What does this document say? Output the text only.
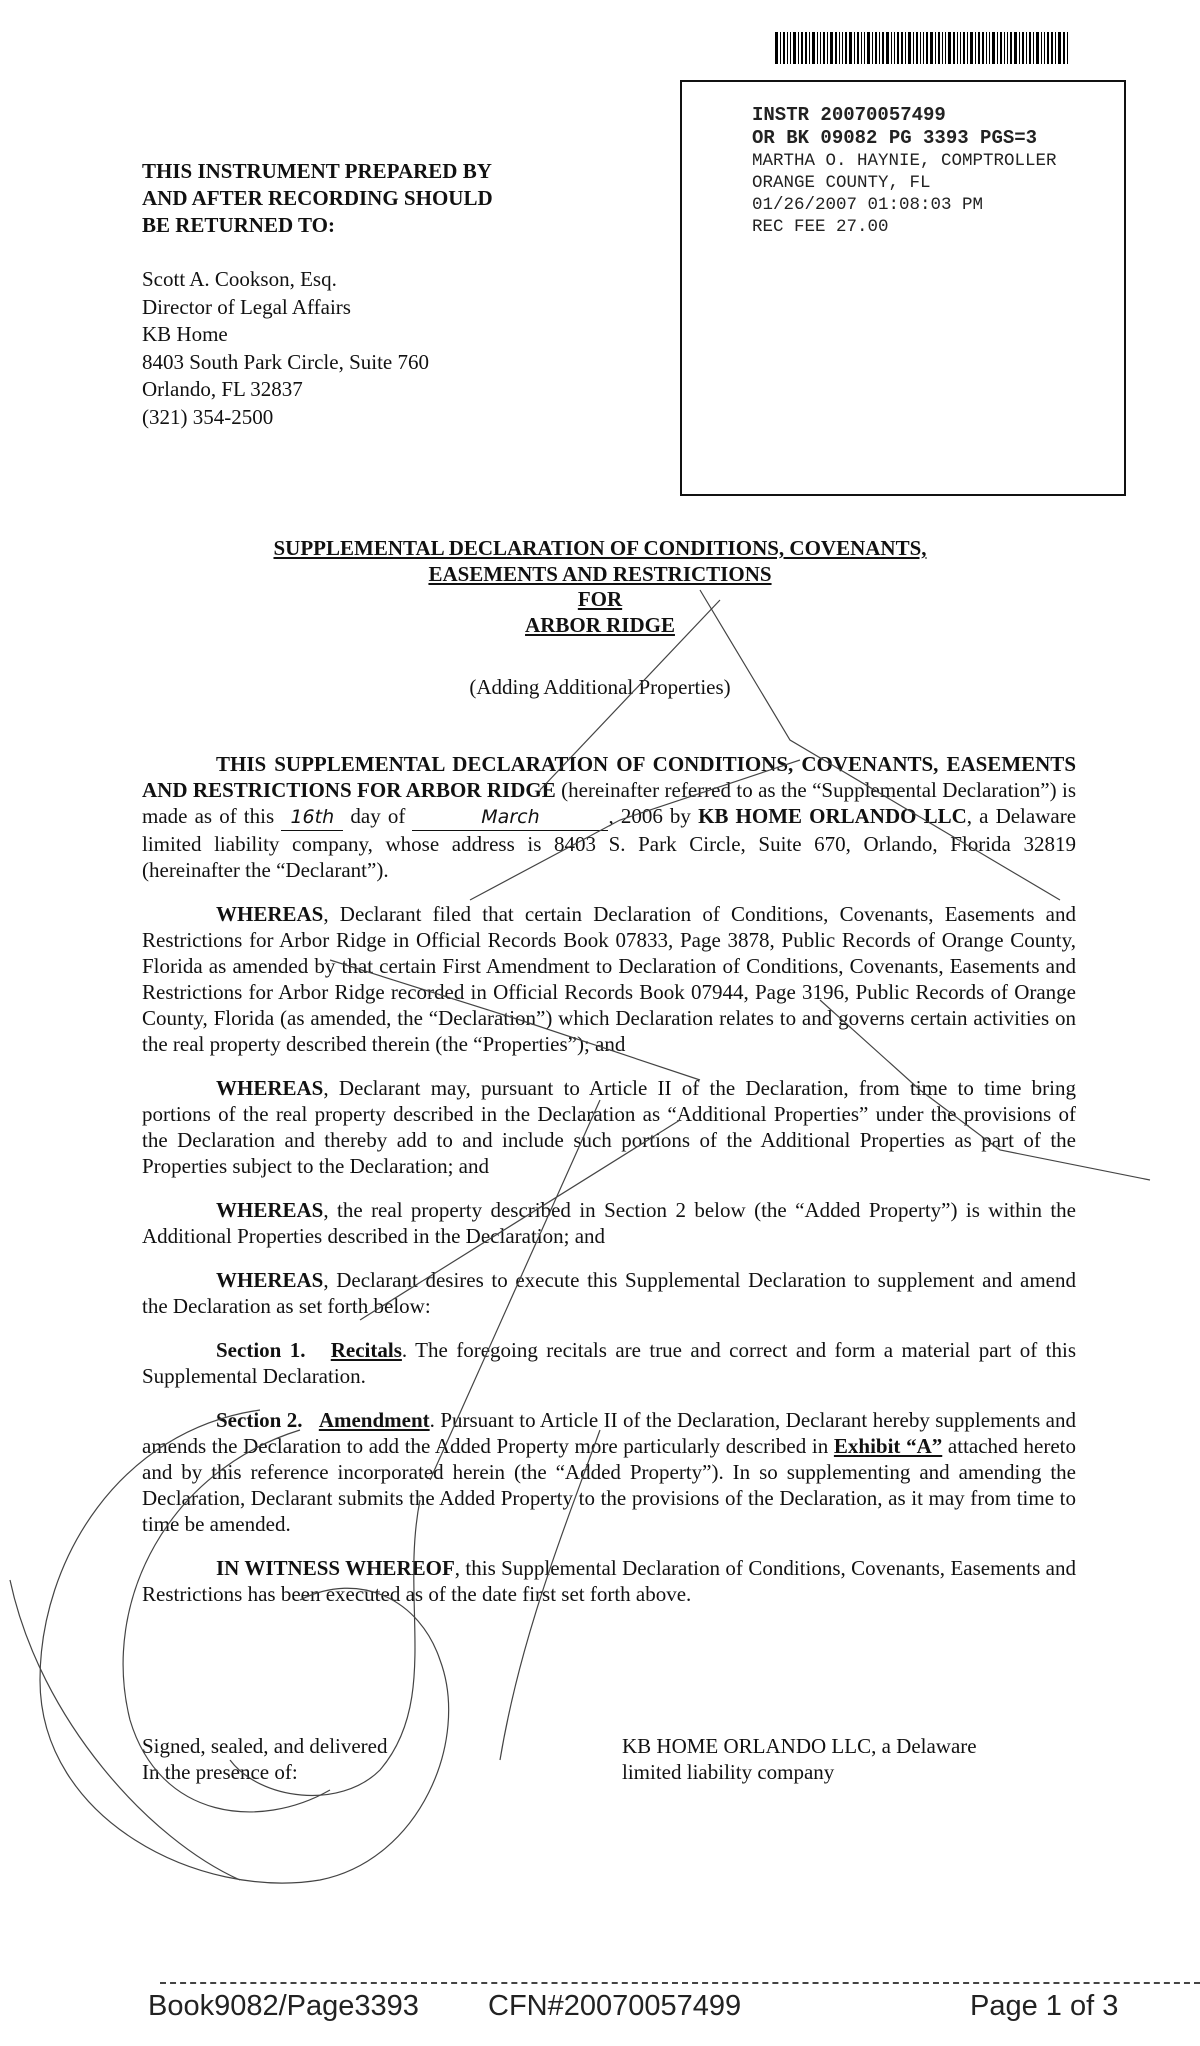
INSTR 20070057499
OR BK 09082 PG 3393 PGS=3
MARTHA O. HAYNIE, COMPTROLLER
ORANGE COUNTY, FL
01/26/2007 01:08:03 PM
REC FEE 27.00
THIS INSTRUMENT PREPARED BY
AND AFTER RECORDING SHOULD
BE RETURNED TO:
Scott A. Cookson, Esq.
Director of Legal Affairs
KB Home
8403 South Park Circle, Suite 760
Orlando, FL 32837
(321) 354-2500
SUPPLEMENTAL DECLARATION OF CONDITIONS, COVENANTS,
EASEMENTS AND RESTRICTIONS
FOR
ARBOR RIDGE
(Adding Additional Properties)

THIS SUPPLEMENTAL DECLARATION OF CONDITIONS, COVENANTS, EASEMENTS AND RESTRICTIONS FOR ARBOR RIDGE (hereinafter referred to as the “Supplemental Declaration”) is made as of this 16th day of	March	, 2006 by KB HOME ORLANDO LLC, a Delaware limited liability company, whose address is 8403 S. Park Circle, Suite 670, Orlando, Florida 32819 (hereinafter the “Declarant”).

WHEREAS, Declarant filed that certain Declaration of Conditions, Covenants, Easements and Restrictions for Arbor Ridge in Official Records Book 07833, Page 3878, Public Records of Orange County, Florida as amended by that certain First Amendment to Declaration of Conditions, Covenants, Easements and Restrictions for Arbor Ridge recorded in Official Records Book 07944, Page 3196, Public Records of Orange County, Florida (as amended, the “Declaration”) which Declaration relates to and governs certain activities on the real property described therein (the “Properties”); and

WHEREAS, Declarant may, pursuant to Article II of the Declaration, from time to time bring portions of the real property described in the Declaration as “Additional Properties” under the provisions of the Declaration and thereby add to and include such portions of the Additional Properties as part of the Properties subject to the Declaration; and

WHEREAS, the real property described in Section 2 below (the “Added Property”) is within the Additional Properties described in the Declaration; and

WHEREAS, Declarant desires to execute this Supplemental Declaration to supplement and amend the Declaration as set forth below:

Section 1. Recitals. The foregoing recitals are true and correct and form a material part of this Supplemental Declaration.

Section 2. Amendment. Pursuant to Article II of the Declaration, Declarant hereby supplements and amends the Declaration to add the Added Property more particularly described in Exhibit “A” attached hereto and by this reference incorporated herein (the “Added Property”). In so supplementing and amending the Declaration, Declarant submits the Added Property to the provisions of the Declaration, as it may from time to time be amended.

IN WITNESS WHEREOF, this Supplemental Declaration of Conditions, Covenants, Easements and Restrictions has been executed as of the date first set forth above.

Signed, sealed, and delivered
In the presence of:
KB HOME ORLANDO LLC, a Delaware
limited liability company
Book9082/Page3393 CFN#20070057499	Page 1 of 3
